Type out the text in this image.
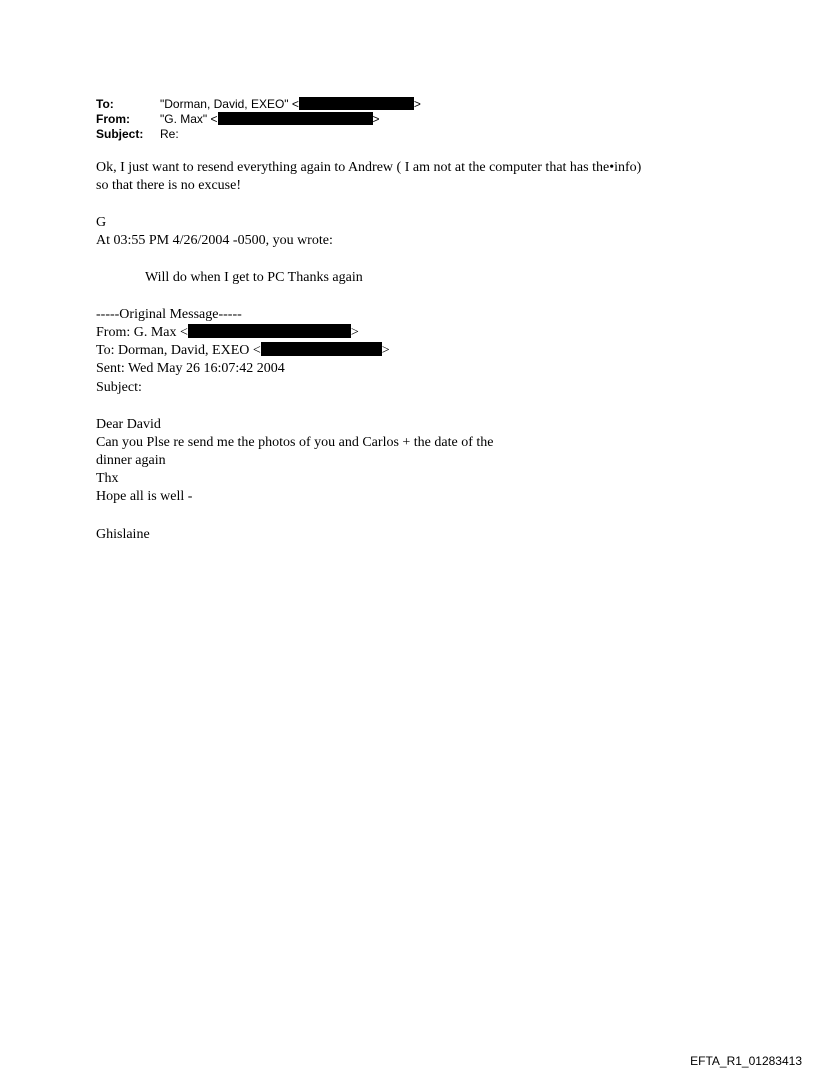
To:	"Dorman, David, EXEO" <	>
From:	"G. Max" <	>
Subject: Re:
Ok, I just want to resend everything again to Andrew ( I am not at the computer that has the•info)
so that there is no excuse!
G
At 03:55 PM 4/26/2004 -0500, you wrote:
Will do when I get to PC Thanks again
-----Original Message-----
From: G. Max <	>
To: Dorman, David, EXEO <	>
Sent: Wed May 26 16:07:42 2004
Subject:
Dear David
Can you Plse re send me the photos of you and Carlos + the date of the
dinner again
Thx
Hope all is well -
Ghislaine
EFTA_R1_01283413
